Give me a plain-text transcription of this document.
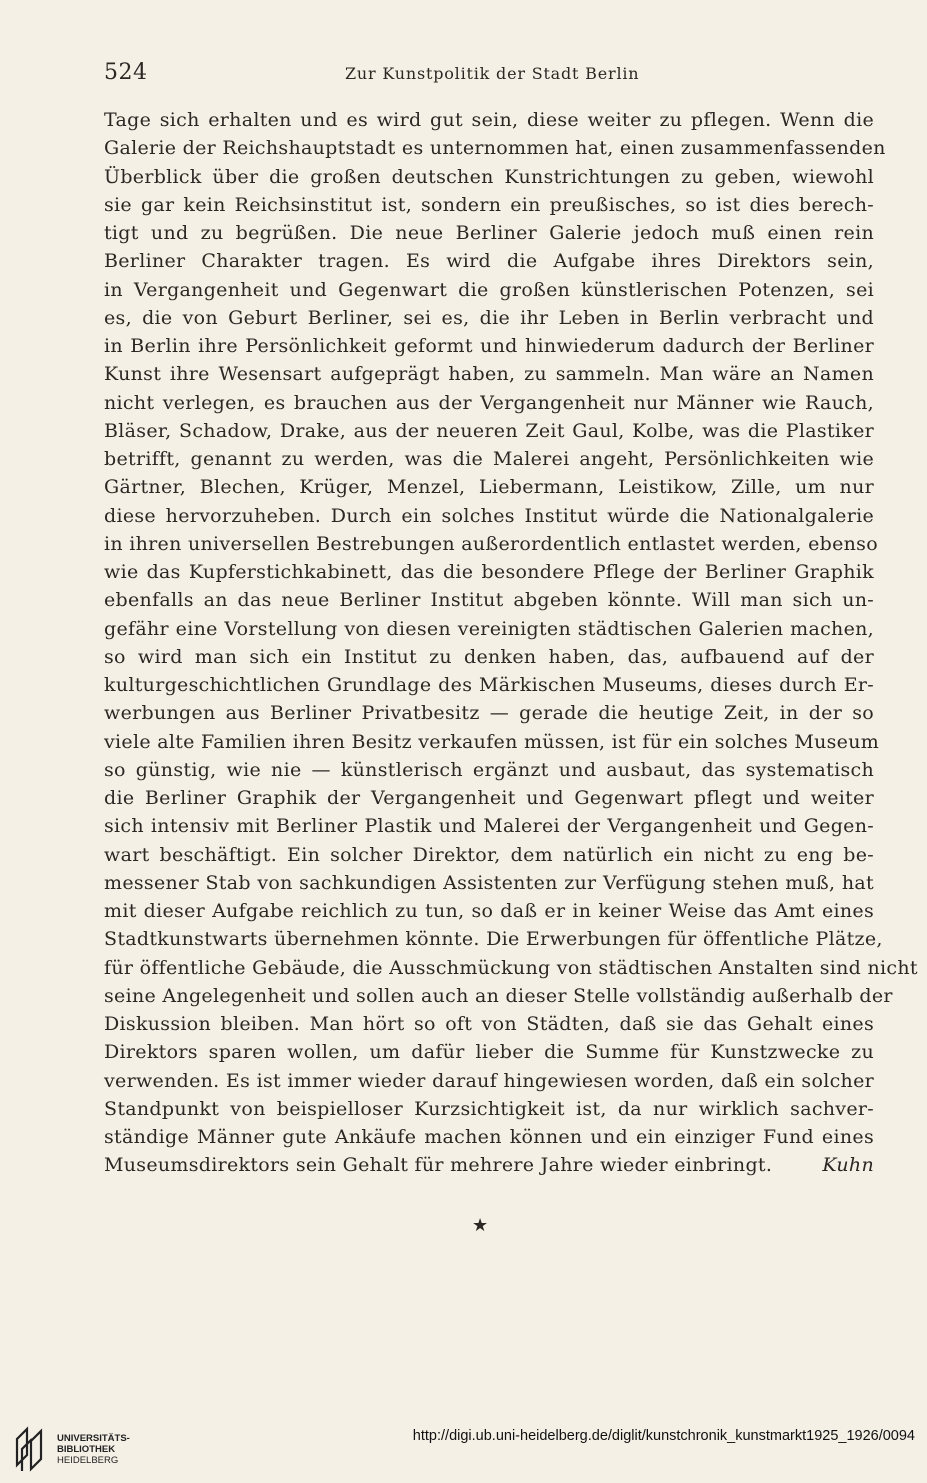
524	Zur Kunstpolitik der Stadt Berlin
Tage sich erhalten und es wird gut sein, diese weiter zu pflegen. Wenn die
Galerie der Reichshauptstadt es unternommen hat, einen zusammenfassenden
Überblick über die großen deutschen Kunstrichtungen zu geben, wiewohl
sie gar kein Reichsinstitut ist, sondern ein preußisches, so ist dies berech-
tigt und zu begrüßen. Die neue Berliner Galerie jedoch muß einen rein
Berliner Charakter tragen. Es wird die Aufgabe ihres Direktors sein,
in Vergangenheit und Gegenwart die großen künstlerischen Potenzen, sei
es, die von Geburt Berliner, sei es, die ihr Leben in Berlin verbracht und
in Berlin ihre Persönlichkeit geformt und hinwiederum dadurch der Berliner
Kunst ihre Wesensart aufgeprägt haben, zu sammeln. Man wäre an Namen
nicht verlegen, es brauchen aus der Vergangenheit nur Männer wie Rauch,
Bläser, Schadow, Drake, aus der neueren Zeit Gaul, Kolbe, was die Plastiker
betrifft, genannt zu werden, was die Malerei angeht, Persönlichkeiten wie
Gärtner, Blechen, Krüger, Menzel, Liebermann, Leistikow, Zille, um nur
diese hervorzuheben. Durch ein solches Institut würde die Nationalgalerie
in ihren universellen Bestrebungen außerordentlich entlastet werden, ebenso
wie das Kupferstichkabinett, das die besondere Pflege der Berliner Graphik
ebenfalls an das neue Berliner Institut abgeben könnte. Will man sich un-
gefähr eine Vorstellung von diesen vereinigten städtischen Galerien machen,
so wird man sich ein Institut zu denken haben, das, aufbauend auf der
kulturgeschichtlichen Grundlage des Märkischen Museums, dieses durch Er-
werbungen aus Berliner Privatbesitz — gerade die heutige Zeit, in der so
viele alte Familien ihren Besitz verkaufen müssen, ist für ein solches Museum
so günstig, wie nie — künstlerisch ergänzt und ausbaut, das systematisch
die Berliner Graphik der Vergangenheit und Gegenwart pflegt und weiter
sich intensiv mit Berliner Plastik und Malerei der Vergangenheit und Gegen-
wart beschäftigt. Ein solcher Direktor, dem natürlich ein nicht zu eng be-
messener Stab von sachkundigen Assistenten zur Verfügung stehen muß, hat
mit dieser Aufgabe reichlich zu tun, so daß er in keiner Weise das Amt eines
Stadtkunstwarts übernehmen könnte. Die Erwerbungen für öffentliche Plätze,
für öffentliche Gebäude, die Ausschmückung von städtischen Anstalten sind nicht
seine Angelegenheit und sollen auch an dieser Stelle vollständig außerhalb der
Diskussion bleiben. Man hört so oft von Städten, daß sie das Gehalt eines
Direktors sparen wollen, um dafür lieber die Summe für Kunstzwecke zu
verwenden. Es ist immer wieder darauf hingewiesen worden, daß ein solcher
Standpunkt von beispielloser Kurzsichtigkeit ist, da nur wirklich sachver-
ständige Männer gute Ankäufe machen können und ein einziger Fund eines
Museumsdirektors sein Gehalt für mehrere Jahre wieder einbringt.	Kuhn
★
UNIVERSITÄTS-
BIBLIOTHEK
HEIDELBERG
http://digi.ub.uni-heidelberg.de/diglit/kunstchronik_kunstmarkt1925_1926/0094
